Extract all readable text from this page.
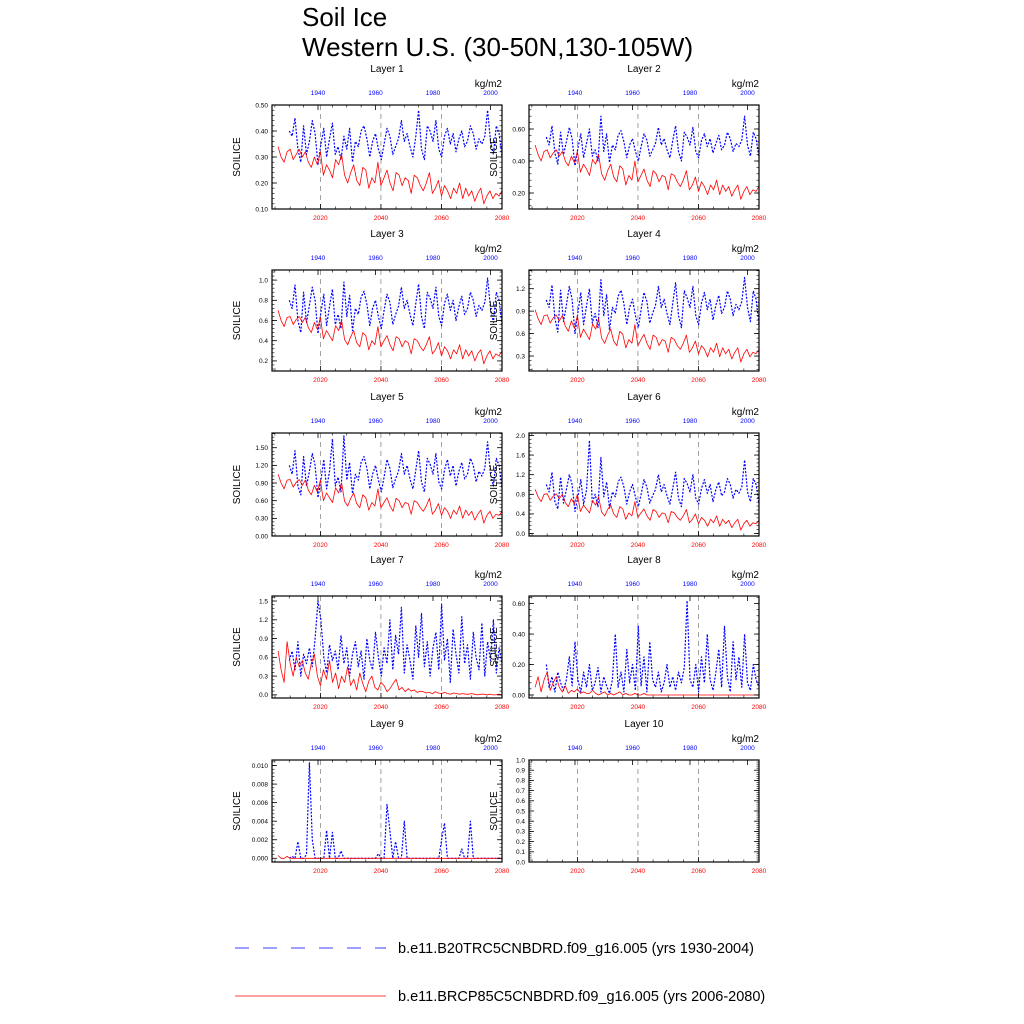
Soil Ice
Western U.S. (30-50N,130-105W)
Layer 1
kg/m2
0.10
0.20
0.30
0.40
0.50
SOILICE
1940	1960	1980	2000
2020	2040	2060	2080
Layer 2
kg/m2
0.20
0.40
0.60
SOILICE
1940	1960	1980	2000
2020	2040	2060	2080
Layer 3
kg/m2
0.2
0.4
0.6
0.8
1.0
SOILICE
1940	1960	1980	2000
2020	2040	2060	2080
Layer 4
kg/m2
0.3
0.6
0.9
1.2
SOILICE
1940	1960	1980	2000
2020	2040	2060	2080
Layer 5
kg/m2
0.00
0.30
0.60
0.90
1.20
1.50
SOILICE
1940	1960	1980	2000
2020	2040	2060	2080
Layer 6
kg/m2
0.0
0.4
0.8
1.2
1.6
2.0
SOILICE
1940	1960	1980	2000
2020	2040	2060	2080
Layer 7
kg/m2
0.0
0.3
0.6
0.9
1.2
1.5
SOILICE
1940	1960	1980	2000
2020	2040	2060	2080
Layer 8
kg/m2
0.00
0.20
0.40
0.60
SOILICE
1940	1960	1980	2000
2020	2040	2060	2080
Layer 9
kg/m2
0.000
0.002
0.004
0.006
0.008
0.010
SOILICE
1940	1960	1980	2000
2020	2040	2060	2080
Layer 10
kg/m2
0.0
0.1
0.2
0.3
0.4
0.5
0.6
0.7
0.8
0.9
1.0
SOILICE
1940	1960	1980	2000
2020	2040	2060	2080
b.e11.B20TRC5CNBDRD.f09_g16.005 (yrs 1930-2004)
b.e11.BRCP85C5CNBDRD.f09_g16.005 (yrs 2006-2080)
